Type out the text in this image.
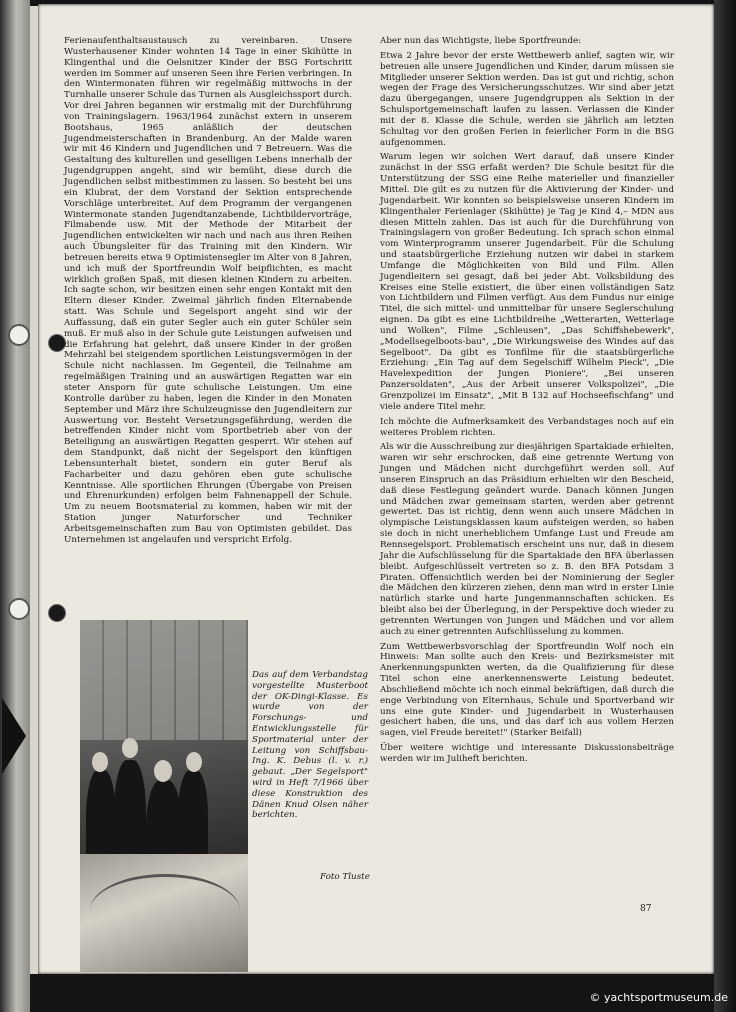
Ferienaufenthaltsaustausch zu vereinbaren. Unsere Wusterhausener Kinder wohnten 14 Tage in einer Skihütte in Klingenthal und die Oelsnitzer Kinder der BSG Fortschritt werden im Sommer auf unseren Seen ihre Ferien verbringen. In den Wintermonaten führen wir regelmäßig mittwochs in der Turnhalle unserer Schule das Turnen als Ausgleichssport durch. Vor drei Jahren begannen wir erstmalig mit der Durchführung von Trainingslagern. 1963/1964 zunächst extern in unserem Bootshaus, 1965 anläßlich der deutschen Jugendmeisterschaften in Brandenburg. An der Malde waren wir mit 46 Kindern und Jugendlichen und 7 Betreuern. Was die Gestaltung des kulturellen und geselligen Lebens innerhalb der Jugendgruppen angeht, sind wir bemüht, diese durch die Jugendlichen selbst mitbestimmen zu lassen. So besteht bei uns ein Klubrat, der dem Vorstand der Sektion entsprechende Vorschläge unterbreitet. Auf dem Programm der vergangenen Wintermonate standen Jugendtanzabende, Lichtbildervorträge, Filmabende usw. Mit der Methode der Mitarbeit der Jugendlichen entwickelten wir nach und nach aus ihren Reihen auch Übungsleiter für das Training mit den Kindern. Wir betreuen bereits etwa 9 Optimistensegler im Alter von 8 Jahren, und ich muß der Sportfreundin Wolf beipflichten, es macht wirklich großen Spaß, mit diesen kleinen Kindern zu arbeiten. Ich sagte schon, wir besitzen einen sehr engen Kontakt mit den Eltern dieser Kinder. Zweimal jährlich finden Elternabende statt. Was Schule und Segelsport angeht sind wir der Auffassung, daß ein guter Segler auch ein guter Schüler sein muß. Er muß also in der Schule gute Leistungen aufweisen und die Erfahrung hat gelehrt, daß unsere Kinder in der großen Mehrzahl bei steigendem sportlichen Leistungsvermögen in der Schule nicht nachlassen. Im Gegenteil, die Teilnahme am regelmäßigen Training und an auswärtigen Regatten war ein steter Ansporn für gute schulische Leistungen. Um eine Kontrolle darüber zu haben, legen die Kinder in den Monaten September und März ihre Schulzeugnisse den Jugendleitern zur Auswertung vor. Besteht Versetzungsgefährdung, werden die betreffenden Kinder nicht vom Sportbetrieb aber von der Beteiligung an auswärtigen Regatten gesperrt. Wir stehen auf dem Standpunkt, daß nicht der Segelsport den künftigen Lebensunterhalt bietet, sondern ein guter Beruf als Facharbeiter und dazu gehören eben gute schulische Kenntnisse. Alle sportlichen Ehrungen (Übergabe von Preisen und Ehrenurkunden) erfolgen beim Fahnenappell der Schule. Um zu neuem Bootsmaterial zu kommen, haben wir mit der Station junger Naturforscher und Techniker Arbeitsgemeinschaften zum Bau von Optimisten gebildet. Das Unternehmen ist angelaufen und verspricht Erfolg.

Aber nun das Wichtigste, liebe Sportfreunde:

Etwa 2 Jahre bevor der erste Wettbewerb anlief, sagten wir, wir betreuen alle unsere Jugendlichen und Kinder, darum müssen sie Mitglieder unserer Sektion werden. Das ist gut und richtig, schon wegen der Frage des Versicherungsschutzes. Wir sind aber jetzt dazu übergegangen, unsere Jugendgruppen als Sektion in der Schulsportgemeinschaft laufen zu lassen. Verlassen die Kinder mit der 8. Klasse die Schule, werden sie jährlich am letzten Schultag vor den großen Ferien in feierlicher Form in die BSG aufgenommen.

Warum legen wir solchen Wert darauf, daß unsere Kinder zunächst in der SSG erfaßt werden? Die Schule besitzt für die Unterstützung der SSG eine Reihe materieller und finanzieller Mittel. Die gilt es zu nutzen für die Aktivierung der Kinder- und Jugendarbeit. Wir konnten so beispielsweise unseren Kindern im Klingenthaler Ferienlager (Skihütte) je Tag je Kind 4,– MDN aus diesen Mitteln zahlen. Das ist auch für die Durchführung von Trainingslagern von großer Bedeutung. Ich sprach schon einmal vom Winterprogramm unserer Jugendarbeit. Für die Schulung und staatsbürgerliche Erziehung nutzen wir dabei in starkem Umfange die Möglichkeiten von Bild und Film. Allen Jugendleitern sei gesagt, daß bei jeder Abt. Volksbildung des Kreises eine Stelle existiert, die über einen vollständigen Satz von Lichtbildern und Filmen verfügt. Aus dem Fundus nur einige Titel, die sich mittel- und unmittelbar für unsere Seglerschulung eignen. Da gibt es eine Lichtbildreihe „Wetterarten, Wetterlage und Wolken", Filme „Schleusen", „Das Schiffshebewerk", „Modellsegelboots-bau", „Die Wirkungsweise des Windes auf das Segelboot". Da gibt es Tonfilme für die staatsbürgerliche Erziehung: „Ein Tag auf dem Segelschiff Wilhelm Pieck", „Die Havelexpedition der Jungen Pioniere", „Bei unseren Panzersoldaten", „Aus der Arbeit unserer Volkspolizei", „Die Grenzpolizei im Einsatz", „Mit B 132 auf Hochseefischfang" und viele andere Titel mehr.

Ich möchte die Aufmerksamkeit des Verbandstages noch auf ein weiteres Problem richten.

Als wir die Ausschreibung zur diesjährigen Spartakiade erhielten, waren wir sehr erschrocken, daß eine getrennte Wertung von Jungen und Mädchen nicht durchgeführt werden soll. Auf unseren Einspruch an das Präsidium erhielten wir den Bescheid, daß diese Festlegung geändert wurde. Danach können Jungen und Mädchen zwar gemeinsam starten, werden aber getrennt gewertet. Das ist richtig, denn wenn auch unsere Mädchen in olympische Leistungsklassen kaum aufsteigen werden, so haben sie doch in nicht unerheblichem Umfange Lust und Freude am Rennsegelsport. Problematisch erscheint uns nur, daß in diesem Jahr die Aufschlüsselung für die Spartakiade den BFA überlassen bleibt. Aufgeschlüsselt vertreten so z. B. den BFA Potsdam 3 Piraten. Offensichtlich werden bei der Nominierung der Segler die Mädchen den kürzeren ziehen, denn man wird in erster Linie natürlich starke und harte Jungenmannschaften schicken. Es bleibt also bei der Überlegung, in der Perspektive doch wieder zu getrennten Wertungen von Jungen und Mädchen und vor allem auch zu einer getrennten Aufschlüsselung zu kommen.

Zum Wettbewerbsvorschlag der Sportfreundin Wolf noch ein Hinweis: Man sollte auch den Kreis- und Bezirksmeister mit Anerkennungspunkten werten, da die Qualifizierung für diese Titel schon eine anerkennenswerte Leistung bedeutet. Abschließend möchte ich noch einmal bekräftigen, daß durch die enge Verbindung von Elternhaus, Schule und Sportverband wir uns eine gute Kinder- und Jugendarbeit in Wusterhausen gesichert haben, die uns, und das darf ich aus vollem Herzen sagen, viel Freude bereitet!" (Starker Beifall)

Über weitere wichtige und interessante Diskussionsbeiträge werden wir im Juliheft berichten.

Das auf dem Verbandstag vorgestellte Musterboot der OK-Dingi-Klasse. Es wurde von der Forschungs- und Entwicklungsstelle für Sportmaterial unter der Leitung von Schiffsbau-Ing. K. Debus (l. v. r.) gebaut. „Der Segelsport" wird in Heft 7/1966 über diese Konstruktion des Dänen Knud Olsen näher berichten.
Foto Tluste
87
© yachtsportmuseum.de
